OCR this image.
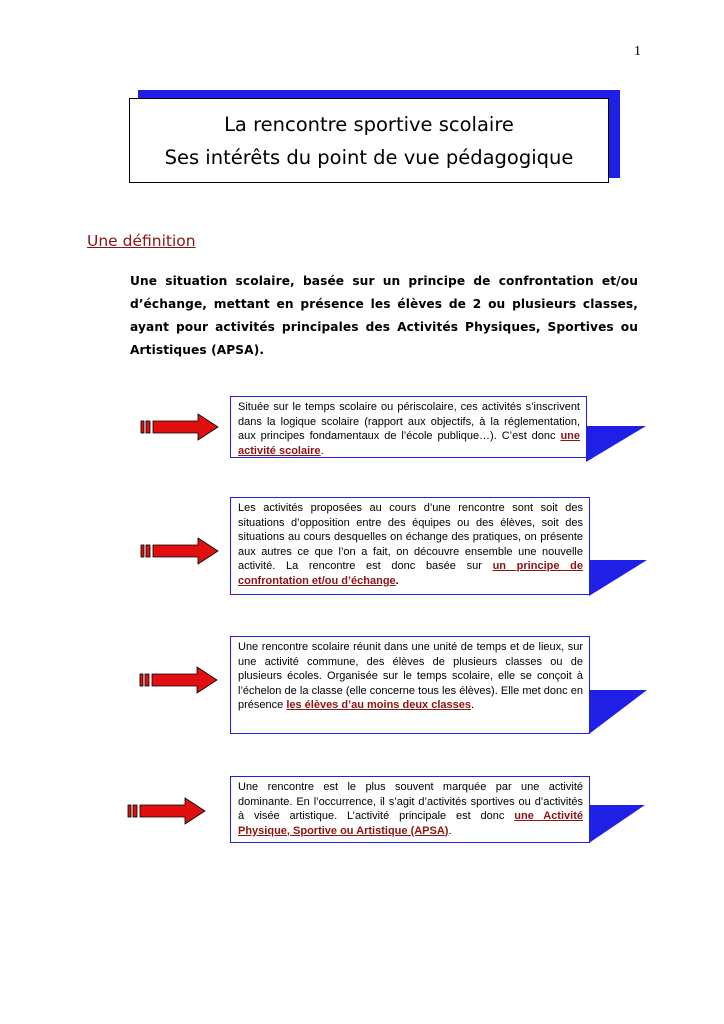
1
La rencontre sportive scolaire
Ses intérêts du point de vue pédagogique
Une définition
Une situation scolaire, basée sur un principe de confrontation et/ou d’échange, mettant en présence les élèves de 2 ou plusieurs classes, ayant pour activités principales des Activités Physiques, Sportives ou Artistiques (APSA).
Située sur le temps scolaire ou périscolaire, ces activités s’inscrivent dans la logique scolaire (rapport aux objectifs, à la réglementation, aux principes fondamentaux de l’école publique…). C’est donc une activité scolaire.
Les activités proposées au cours d’une rencontre sont soit des situations d’opposition entre des équipes ou des élèves, soit des situations au cours desquelles on échange des pratiques, on présente aux autres ce que l’on a fait, on découvre ensemble une nouvelle activité. La rencontre est donc basée sur un principe de confrontation et/ou d’échange.
Une rencontre scolaire réunit dans une unité de temps et de lieux, sur une activité commune, des élèves de plusieurs classes ou de plusieurs écoles. Organisée sur le temps scolaire, elle se conçoit à l’échelon de la classe (elle concerne tous les élèves). Elle met donc en présence les élèves d’au moins deux classes.
Une rencontre est le plus souvent marquée par une activité dominante. En l’occurrence, il s’agit d’activités sportives ou d’activités à visée artistique. L’activité principale est donc une Activité Physique, Sportive ou Artistique (APSA).
